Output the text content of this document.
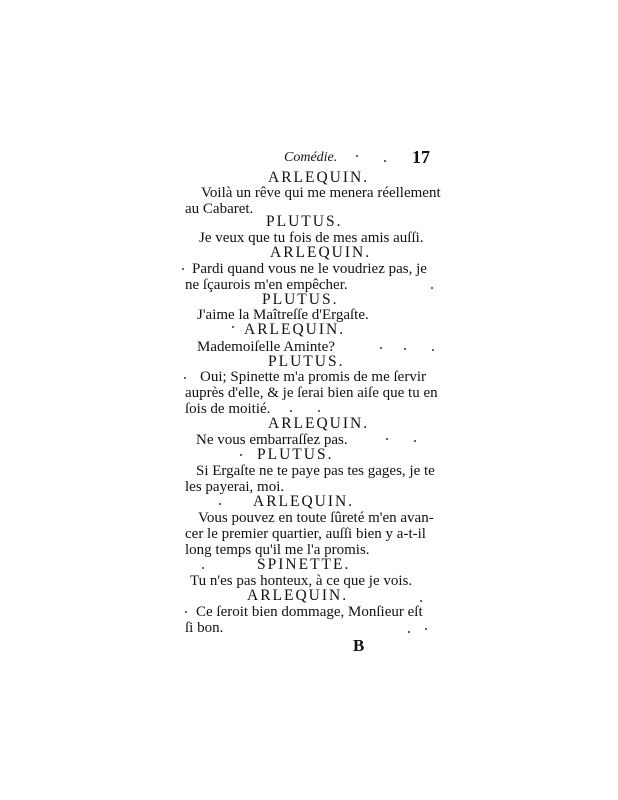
Comédie.	17
ARLEQUIN.
Voilà un rêve qui me menera réellement
au Cabaret.
PLUTUS.
Je veux que tu fois de mes amis auſſi.
ARLEQUIN.
Pardi quand vous ne le voudriez pas, je
ne ſçaurois m'en empêcher.
PLUTUS.
J'aime la Maîtreſſe d'Ergaſte.
ARLEQUIN.
Mademoiſelle Aminte?
PLUTUS.
Oui; Spinette m'a promis de me ſervir
auprès d'elle, & je ſerai bien aiſe que tu en
ſois de moitié.
ARLEQUIN.
Ne vous embarraſſez pas.
PLUTUS.
Si Ergaſte ne te paye pas tes gages, je te
les payerai, moi.
ARLEQUIN.
Vous pouvez en toute ſûreté m'en avan-
cer le premier quartier, auſſi bien y a-t-il
long temps qu'il me l'a promis.
SPINETTE.
Tu n'es pas honteux, à ce que je vois.
ARLEQUIN.
Ce ſeroit bien dommage, Monſieur eſt
ſi bon.
B
